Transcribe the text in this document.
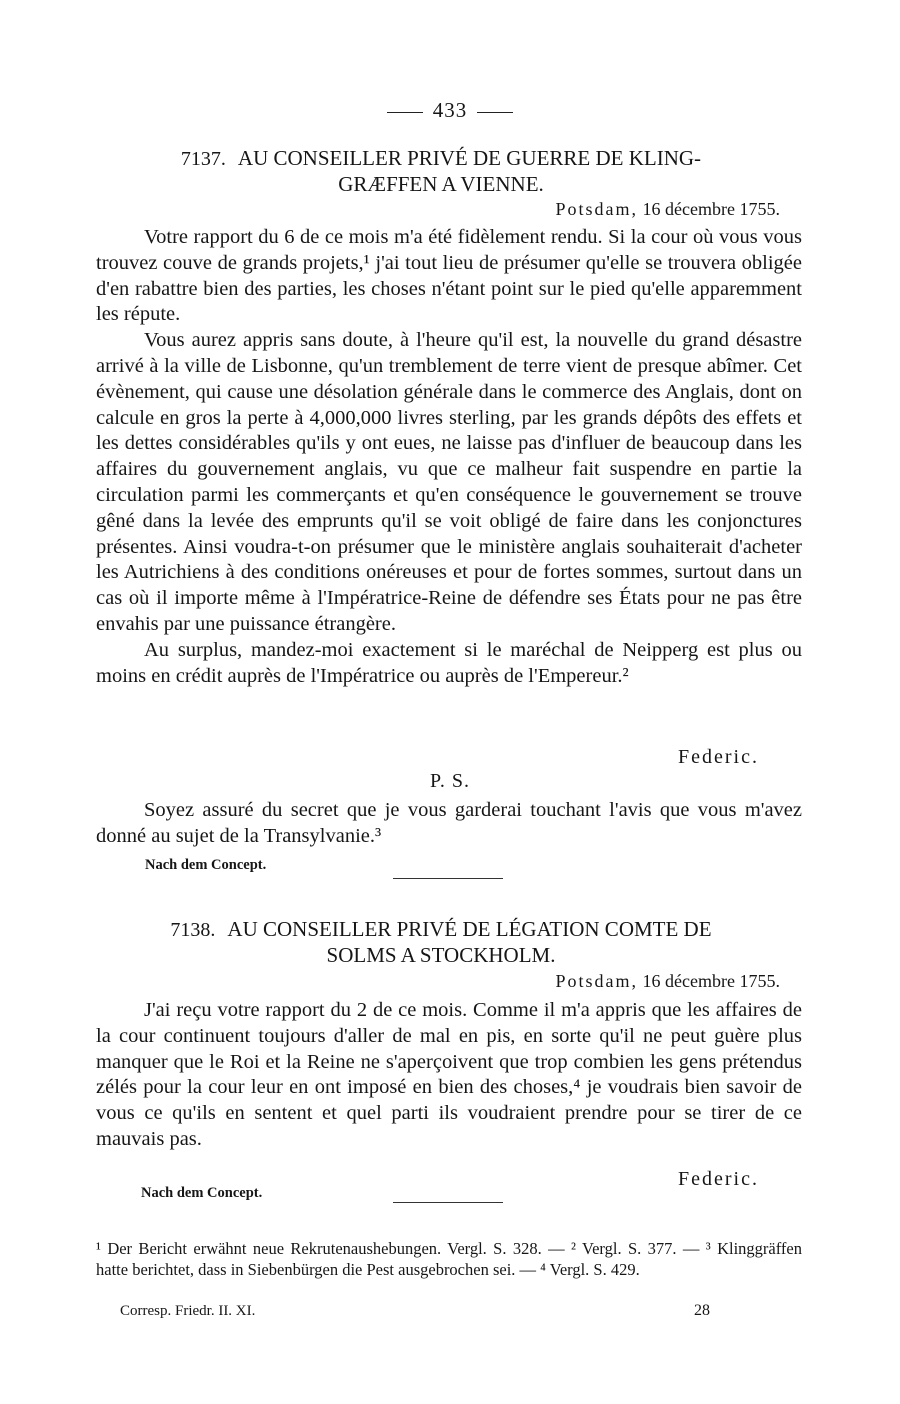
433
7137. AU CONSEILLER PRIVÉ DE GUERRE DE KLING-
GRÆFFEN A VIENNE.
Potsdam, 16 décembre 1755.

Votre rapport du 6 de ce mois m'a été fidèlement rendu. Si la cour où vous vous trouvez couve de grands projets,¹ j'ai tout lieu de présumer qu'elle se trouvera obligée d'en rabattre bien des parties, les choses n'étant point sur le pied qu'elle apparemment les répute.

Vous aurez appris sans doute, à l'heure qu'il est, la nouvelle du grand désastre arrivé à la ville de Lisbonne, qu'un tremblement de terre vient de presque abîmer. Cet évènement, qui cause une désolation générale dans le commerce des Anglais, dont on calcule en gros la perte à 4,000,000 livres sterling, par les grands dépôts des effets et les dettes considérables qu'ils y ont eues, ne laisse pas d'influer de beaucoup dans les affaires du gouvernement anglais, vu que ce malheur fait suspendre en partie la circulation parmi les commerçants et qu'en conséquence le gouvernement se trouve gêné dans la levée des emprunts qu'il se voit obligé de faire dans les conjonctures présentes. Ainsi voudra-t-on présumer que le ministère anglais souhaiterait d'acheter les Autrichiens à des conditions onéreuses et pour de fortes sommes, surtout dans un cas où il importe même à l'Impératrice-Reine de défendre ses États pour ne pas être envahis par une puissance étrangère.

Au surplus, mandez-moi exactement si le maréchal de Neipperg est plus ou moins en crédit auprès de l'Impératrice ou auprès de l'Empereur.²

Federic.
P. S.

Soyez assuré du secret que je vous garderai touchant l'avis que vous m'avez donné au sujet de la Transylvanie.³

Nach dem Concept.
7138. AU CONSEILLER PRIVÉ DE LÉGATION COMTE DE
SOLMS A STOCKHOLM.
Potsdam, 16 décembre 1755.

J'ai reçu votre rapport du 2 de ce mois. Comme il m'a appris que les affaires de la cour continuent toujours d'aller de mal en pis, en sorte qu'il ne peut guère plus manquer que le Roi et la Reine ne s'aperçoivent que trop combien les gens prétendus zélés pour la cour leur en ont imposé en bien des choses,⁴ je voudrais bien savoir de vous ce qu'ils en sentent et quel parti ils voudraient prendre pour se tirer de ce mauvais pas.

Federic.
Nach dem Concept.
¹ Der Bericht erwähnt neue Rekrutenaushebungen. Vergl. S. 328. — ² Vergl. S. 377. — ³ Klinggräffen hatte berichtet, dass in Siebenbürgen die Pest ausgebrochen sei. — ⁴ Vergl. S. 429.
Corresp. Friedr. II. XI.	28
